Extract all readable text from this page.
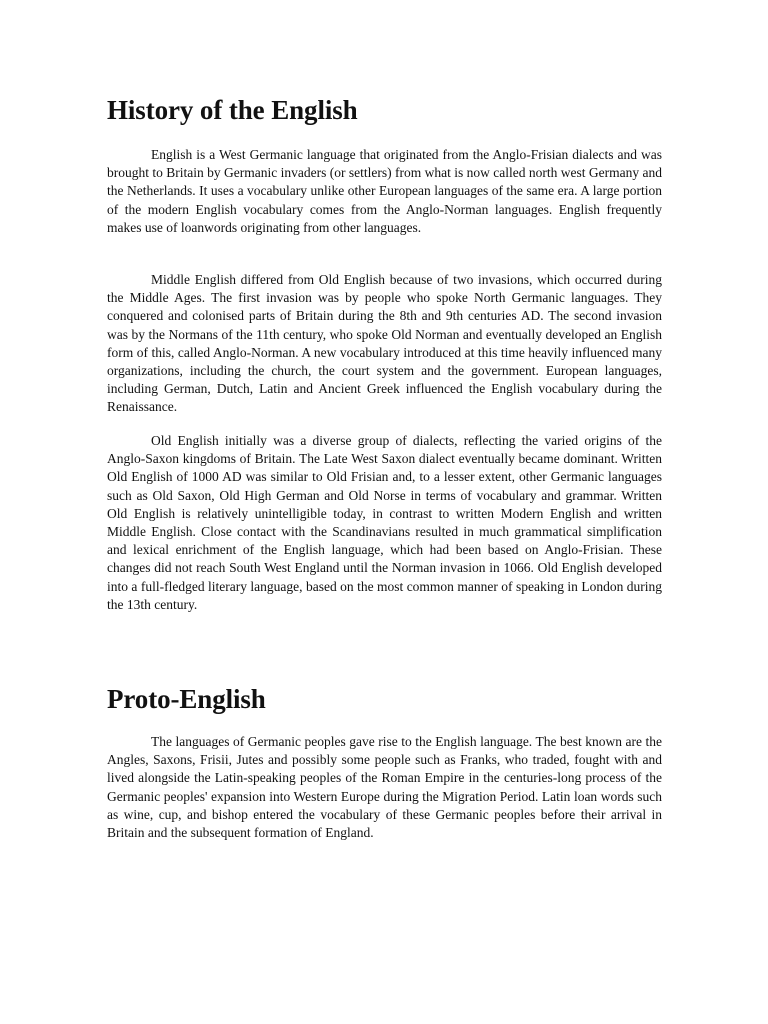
History of the English

English is a West Germanic language that originated from the Anglo-Frisian dialects and was brought to Britain by Germanic invaders (or settlers) from what is now called north west Germany and the Netherlands. It uses a vocabulary unlike other European languages of the same era. A large portion of the modern English vocabulary comes from the Anglo-Norman languages. English frequently makes use of loanwords originating from other languages.

Middle English differed from Old English because of two invasions, which occurred during the Middle Ages. The first invasion was by people who spoke North Germanic languages. They conquered and colonised parts of Britain during the 8th and 9th centuries AD. The second invasion was by the Normans of the 11th century, who spoke Old Norman and eventually developed an English form of this, called Anglo-Norman. A new vocabulary introduced at this time heavily influenced many organizations, including the church, the court system and the government. European languages, including German, Dutch, Latin and Ancient Greek influenced the English vocabulary during the Renaissance.

Old English initially was a diverse group of dialects, reflecting the varied origins of the Anglo-Saxon kingdoms of Britain. The Late West Saxon dialect eventually became dominant. Written Old English of 1000 AD was similar to Old Frisian and, to a lesser extent, other Germanic languages such as Old Saxon, Old High German and Old Norse in terms of vocabulary and grammar. Written Old English is relatively unintelligible today, in contrast to written Modern English and written Middle English. Close contact with the Scandinavians resulted in much grammatical simplification and lexical enrichment of the English language, which had been based on Anglo-Frisian. These changes did not reach South West England until the Norman invasion in 1066. Old English developed into a full-fledged literary language, based on the most common manner of speaking in London during the 13th century.

Proto-English

The languages of Germanic peoples gave rise to the English language. The best known are the Angles, Saxons, Frisii, Jutes and possibly some people such as Franks, who traded, fought with and lived alongside the Latin-speaking peoples of the Roman Empire in the centuries-long process of the Germanic peoples' expansion into Western Europe during the Migration Period. Latin loan words such as wine, cup, and bishop entered the vocabulary of these Germanic peoples before their arrival in Britain and the subsequent formation of England.
